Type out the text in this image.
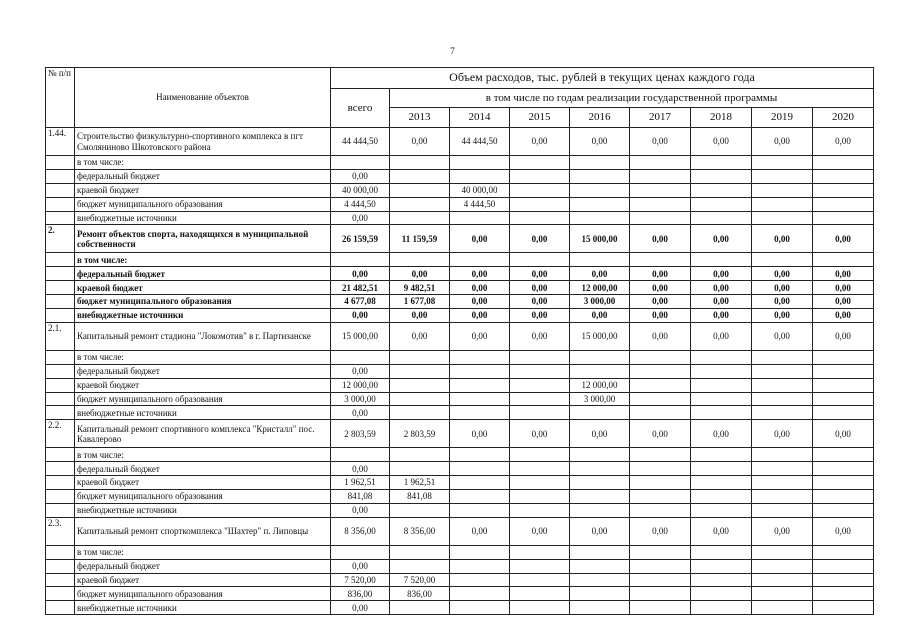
7
№ п/п	Наименование объектов	Объем расходов, тыс. рублей в текущих ценах каждого года								
		всего	в том числе по годам реализации государственной программы							
			2013	2014	2015	2016	2017	2018	2019	2020
1.44.	Строительство физкультурно-спортивного комплекса в пгт Смоляниново Шкотовского района	44 444,50	0,00	44 444,50	0,00	0,00	0,00	0,00	0,00	0,00
	в том числе:									
	федеральный бюджет	0,00								
	краевой бюджет	40 000,00		40 000,00						
	бюджет муниципального образования	4 444,50		4 444,50						
	внебюджетные источники	0,00								
2.	Ремонт объектов спорта, находящихся в муниципальной собственности	26 159,59	11 159,59	0,00	0,00	15 000,00	0,00	0,00	0,00	0,00
	в том числе:									
	федеральный бюджет	0,00	0,00	0,00	0,00	0,00	0,00	0,00	0,00	0,00
	краевой бюджет	21 482,51	9 482,51	0,00	0,00	12 000,00	0,00	0,00	0,00	0,00
	бюджет муниципального образования	4 677,08	1 677,08	0,00	0,00	3 000,00	0,00	0,00	0,00	0,00
	внебюджетные источники	0,00	0,00	0,00	0,00	0,00	0,00	0,00	0,00	0,00
2.1.	Капитальный ремонт стадиона "Локомотив" в г. Партизанске	15 000,00	0,00	0,00	0,00	15 000,00	0,00	0,00	0,00	0,00
	в том числе:									
	федеральный бюджет	0,00								
	краевой бюджет	12 000,00				12 000,00				
	бюджет муниципального образования	3 000,00				3 000,00				
	внебюджетные источники	0,00								
2.2.	Капитальный ремонт спортивного комплекса "Кристалл" пос. Кавалерово	2 803,59	2 803,59	0,00	0,00	0,00	0,00	0,00	0,00	0,00
	в том числе:									
	федеральный бюджет	0,00								
	краевой бюджет	1 962,51	1 962,51							
	бюджет муниципального образования	841,08	841,08							
	внебюджетные источники	0,00								
2.3.	Капитальный ремонт спорткомплекса "Шахтер" п. Липовцы	8 356,00	8 356,00	0,00	0,00	0,00	0,00	0,00	0,00	0,00
	в том числе:									
	федеральный бюджет	0,00								
	краевой бюджет	7 520,00	7 520,00							
	бюджет муниципального образования	836,00	836,00							
	внебюджетные источники	0,00								
